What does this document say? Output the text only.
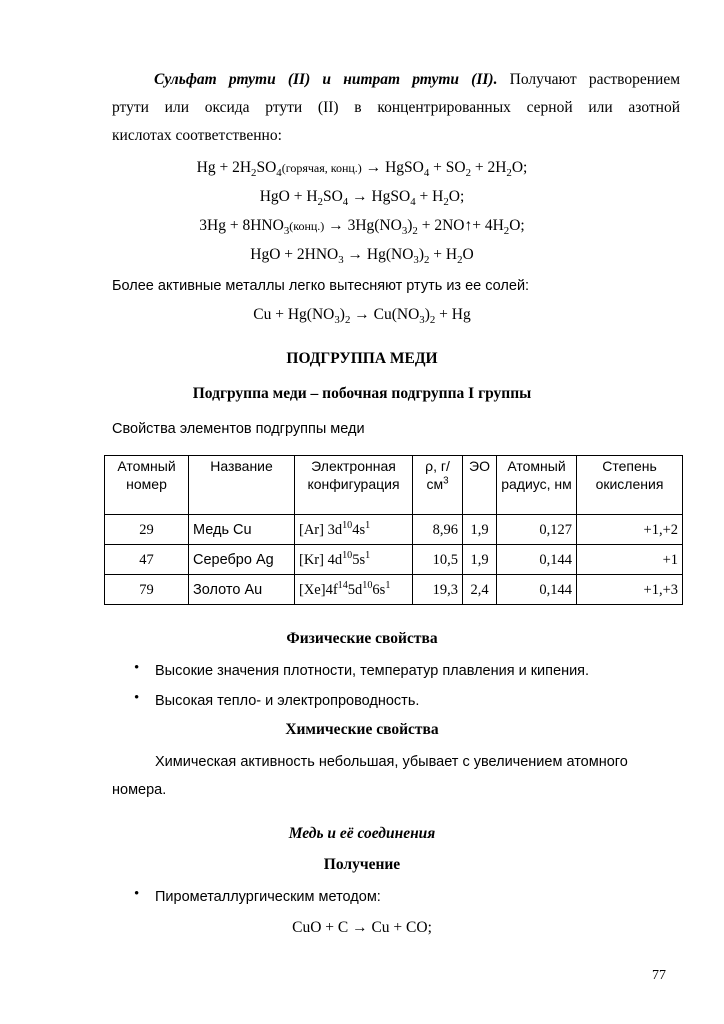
Сульфат ртути (II) и нитрат ртути (II). Получают растворением
ртути или оксида ртути (II) в концентрированных серной или азотной
кислотах соответственно:
$Hg + 2H_2SO_4(горячая$, конц.) → HgSO$_4$ + $SO_2 + 2H_2O$;
HgO + $H_2SO_4$ → HgSO$_4$ + $H_2O$;
$3Hg + 8HNO_3(конц.) \to 3Hg(NO_3)_2$ + 2NO↑+ $4H_2O$;
HgO + $2HNO_3 \to Hg(NO_3)_2 + H_2O$
Более активные металлы легко вытесняют ртуть из ее солей:
$Cu + Hg(NO_3)_2 \to Cu(NO_3)_2 + Hg$
ПОДГРУППА МЕДИ
Подгруппа меди – побочная подгруппа I группы
Свойства элементов подгруппы меди
Атомный номер	Название	Электронная конфигурация	ρ, $г/см^3$	ЭО	Атомный радиус, нм	Степень окисления
29	Медь Cu	[Ar] $3d^{10}4s^1$	8,96	1,9	0,127	+1,+2
47	Серебро Ag	[Kr] $4d^{10}5s^1$	10,5	1,9	0,144	+1
79	Золото Au	$[Xe]4f^{14}5d^{10}6s^1$	19,3	2,4	0,144	+1,+3
Физические свойства
• Высокие значения плотности, температур плавления и кипения.
• Высокая тепло- и электропроводность.
Химические свойства
Химическая активность небольшая, убывает с увеличением атомного
номера.
Медь и её соединения
Получение
• Пирометаллургическим методом:
CuO + C → Cu + CO;
77
